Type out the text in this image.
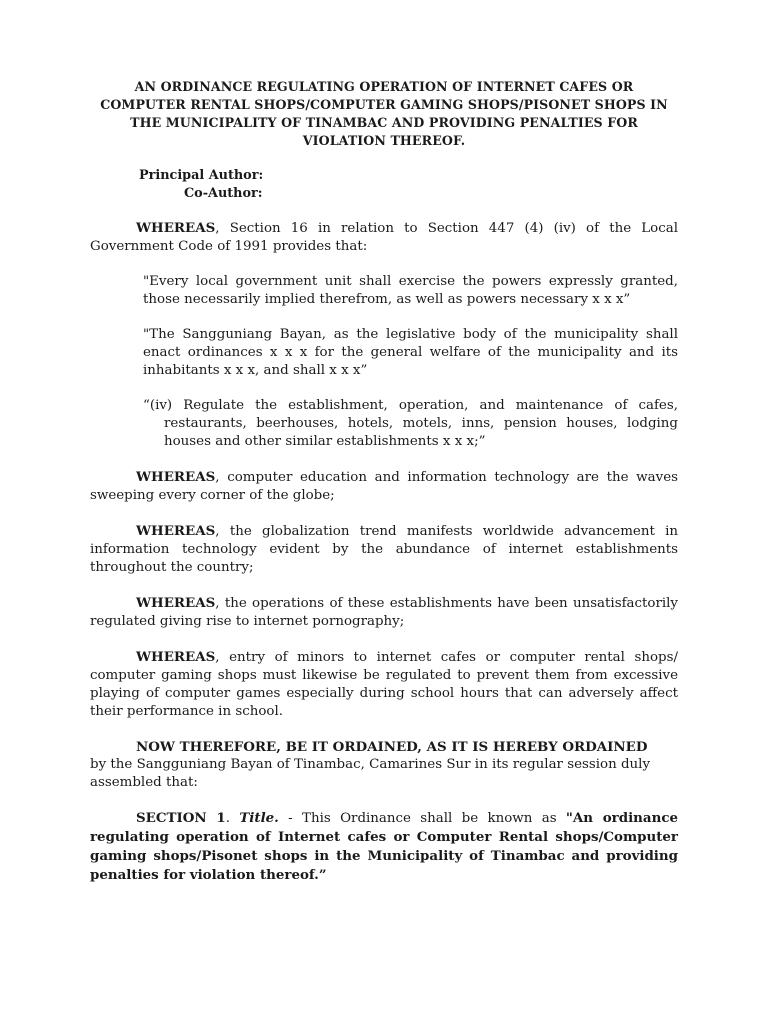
AN ORDINANCE REGULATING OPERATION OF INTERNET CAFES OR COMPUTER RENTAL SHOPS/COMPUTER GAMING SHOPS/PISONET SHOPS IN THE MUNICIPALITY OF TINAMBAC AND PROVIDING PENALTIES FOR VIOLATION THEREOF.
Principal Author:
Co-Author:

WHEREAS, Section 16 in relation to Section 447 (4) (iv) of the Local Government Code of 1991 provides that:

"Every local government unit shall exercise the powers expressly granted, those necessarily implied therefrom, as well as powers necessary x x x”

"The Sangguniang Bayan, as the legislative body of the municipality shall enact ordinances x x x for the general welfare of the municipality and its inhabitants x x x, and shall x x x”

“(iv) Regulate the establishment, operation, and maintenance of cafes, restaurants, beerhouses, hotels, motels, inns, pension houses, lodging houses and other similar establishments x x x;”

WHEREAS, computer education and information technology are the waves sweeping every corner of the globe;

WHEREAS, the globalization trend manifests worldwide advancement in information technology evident by the abundance of internet establishments throughout the country;

WHEREAS, the operations of these establishments have been unsatisfactorily regulated giving rise to internet pornography;

WHEREAS, entry of minors to internet cafes or computer rental shops/ computer gaming shops must likewise be regulated to prevent them from excessive playing of computer games especially during school hours that can adversely affect their performance in school.

NOW THEREFORE, BE IT ORDAINED, AS IT IS HEREBY ORDAINED
by the Sangguniang Bayan of Tinambac, Camarines Sur in its regular session duly assembled that:

SECTION 1. Title. - This Ordinance shall be known as "An ordinance regulating operation of Internet cafes or Computer Rental shops/Computer gaming shops/Pisonet shops in the Municipality of Tinambac and providing penalties for violation thereof.”
